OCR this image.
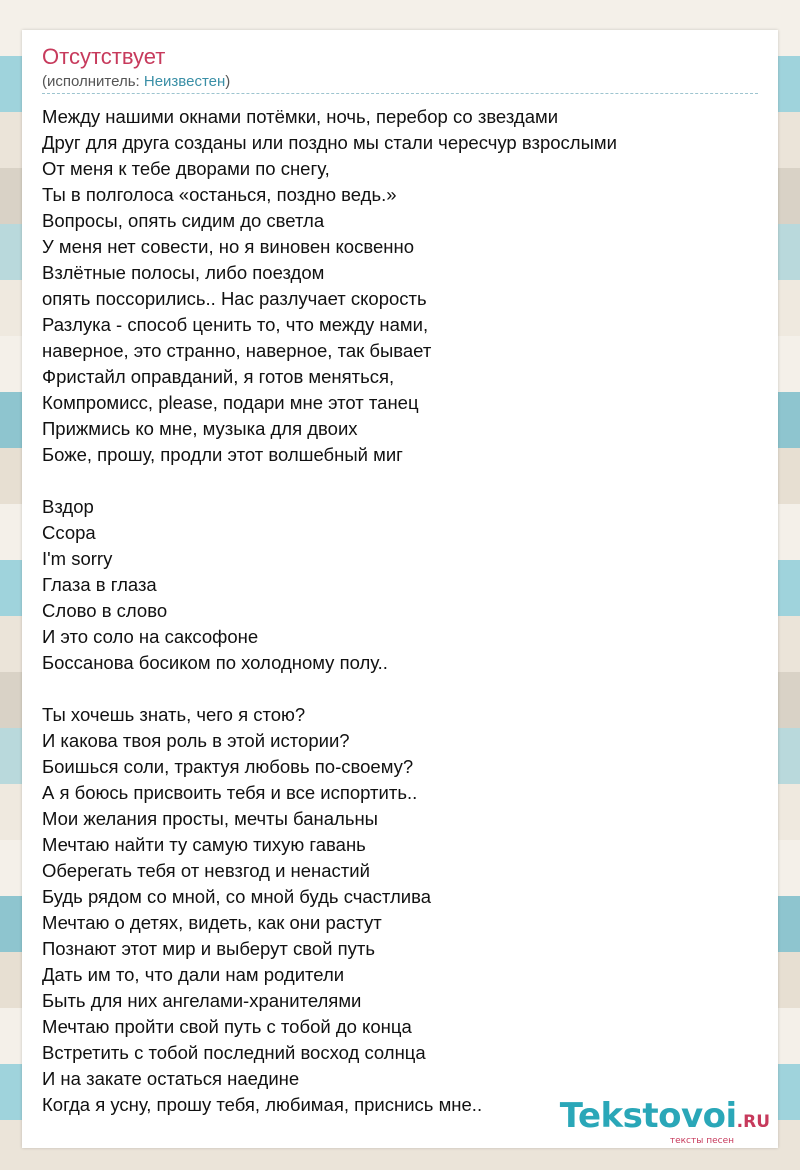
Отсутствует
(исполнитель: Неизвестен)
Между нашими окнами потёмки, ночь, перебор со звездами
Друг для друга созданы или поздно мы стали чересчур взрослыми
От меня к тебе дворами по снегу,
Ты в полголоса «останься, поздно ведь.»
Вопросы, опять сидим до светла
У меня нет совести, но я виновен косвенно
Взлётные полосы, либо поездом
опять поссорились.. Нас разлучает скорость
Разлука - способ ценить то, что между нами,
наверное, это странно, наверное, так бывает
Фристайл оправданий, я готов меняться,
Компромисс, please, подари мне этот танец
Прижмись ко мне, музыка для двоих
Боже, прошу, продли этот волшебный миг
Вздор
Ссора
I'm sorry
Глаза в глаза
Слово в слово
И это соло на саксофоне
Боссанова босиком по холодному полу..
Ты хочешь знать, чего я стою?
И какова твоя роль в этой истории?
Боишься соли, трактуя любовь по-своему?
А я боюсь присвоить тебя и все испортить..
Мои желания просты, мечты банальны
Мечтаю найти ту самую тихую гавань
Оберегать тебя от невзгод и ненастий
Будь рядом со мной, со мной будь счастлива
Мечтаю о детях, видеть, как они растут
Познают этот мир и выберут свой путь
Дать им то, что дали нам родители
Быть для них ангелами-хранителями
Мечтаю пройти свой путь с тобой до конца
Встретить с тобой последний восход солнца
И на закате остаться наедине
Когда я усну, прошу тебя, любимая, приснись мне..	Tekstovoi.RU
тексты песен
